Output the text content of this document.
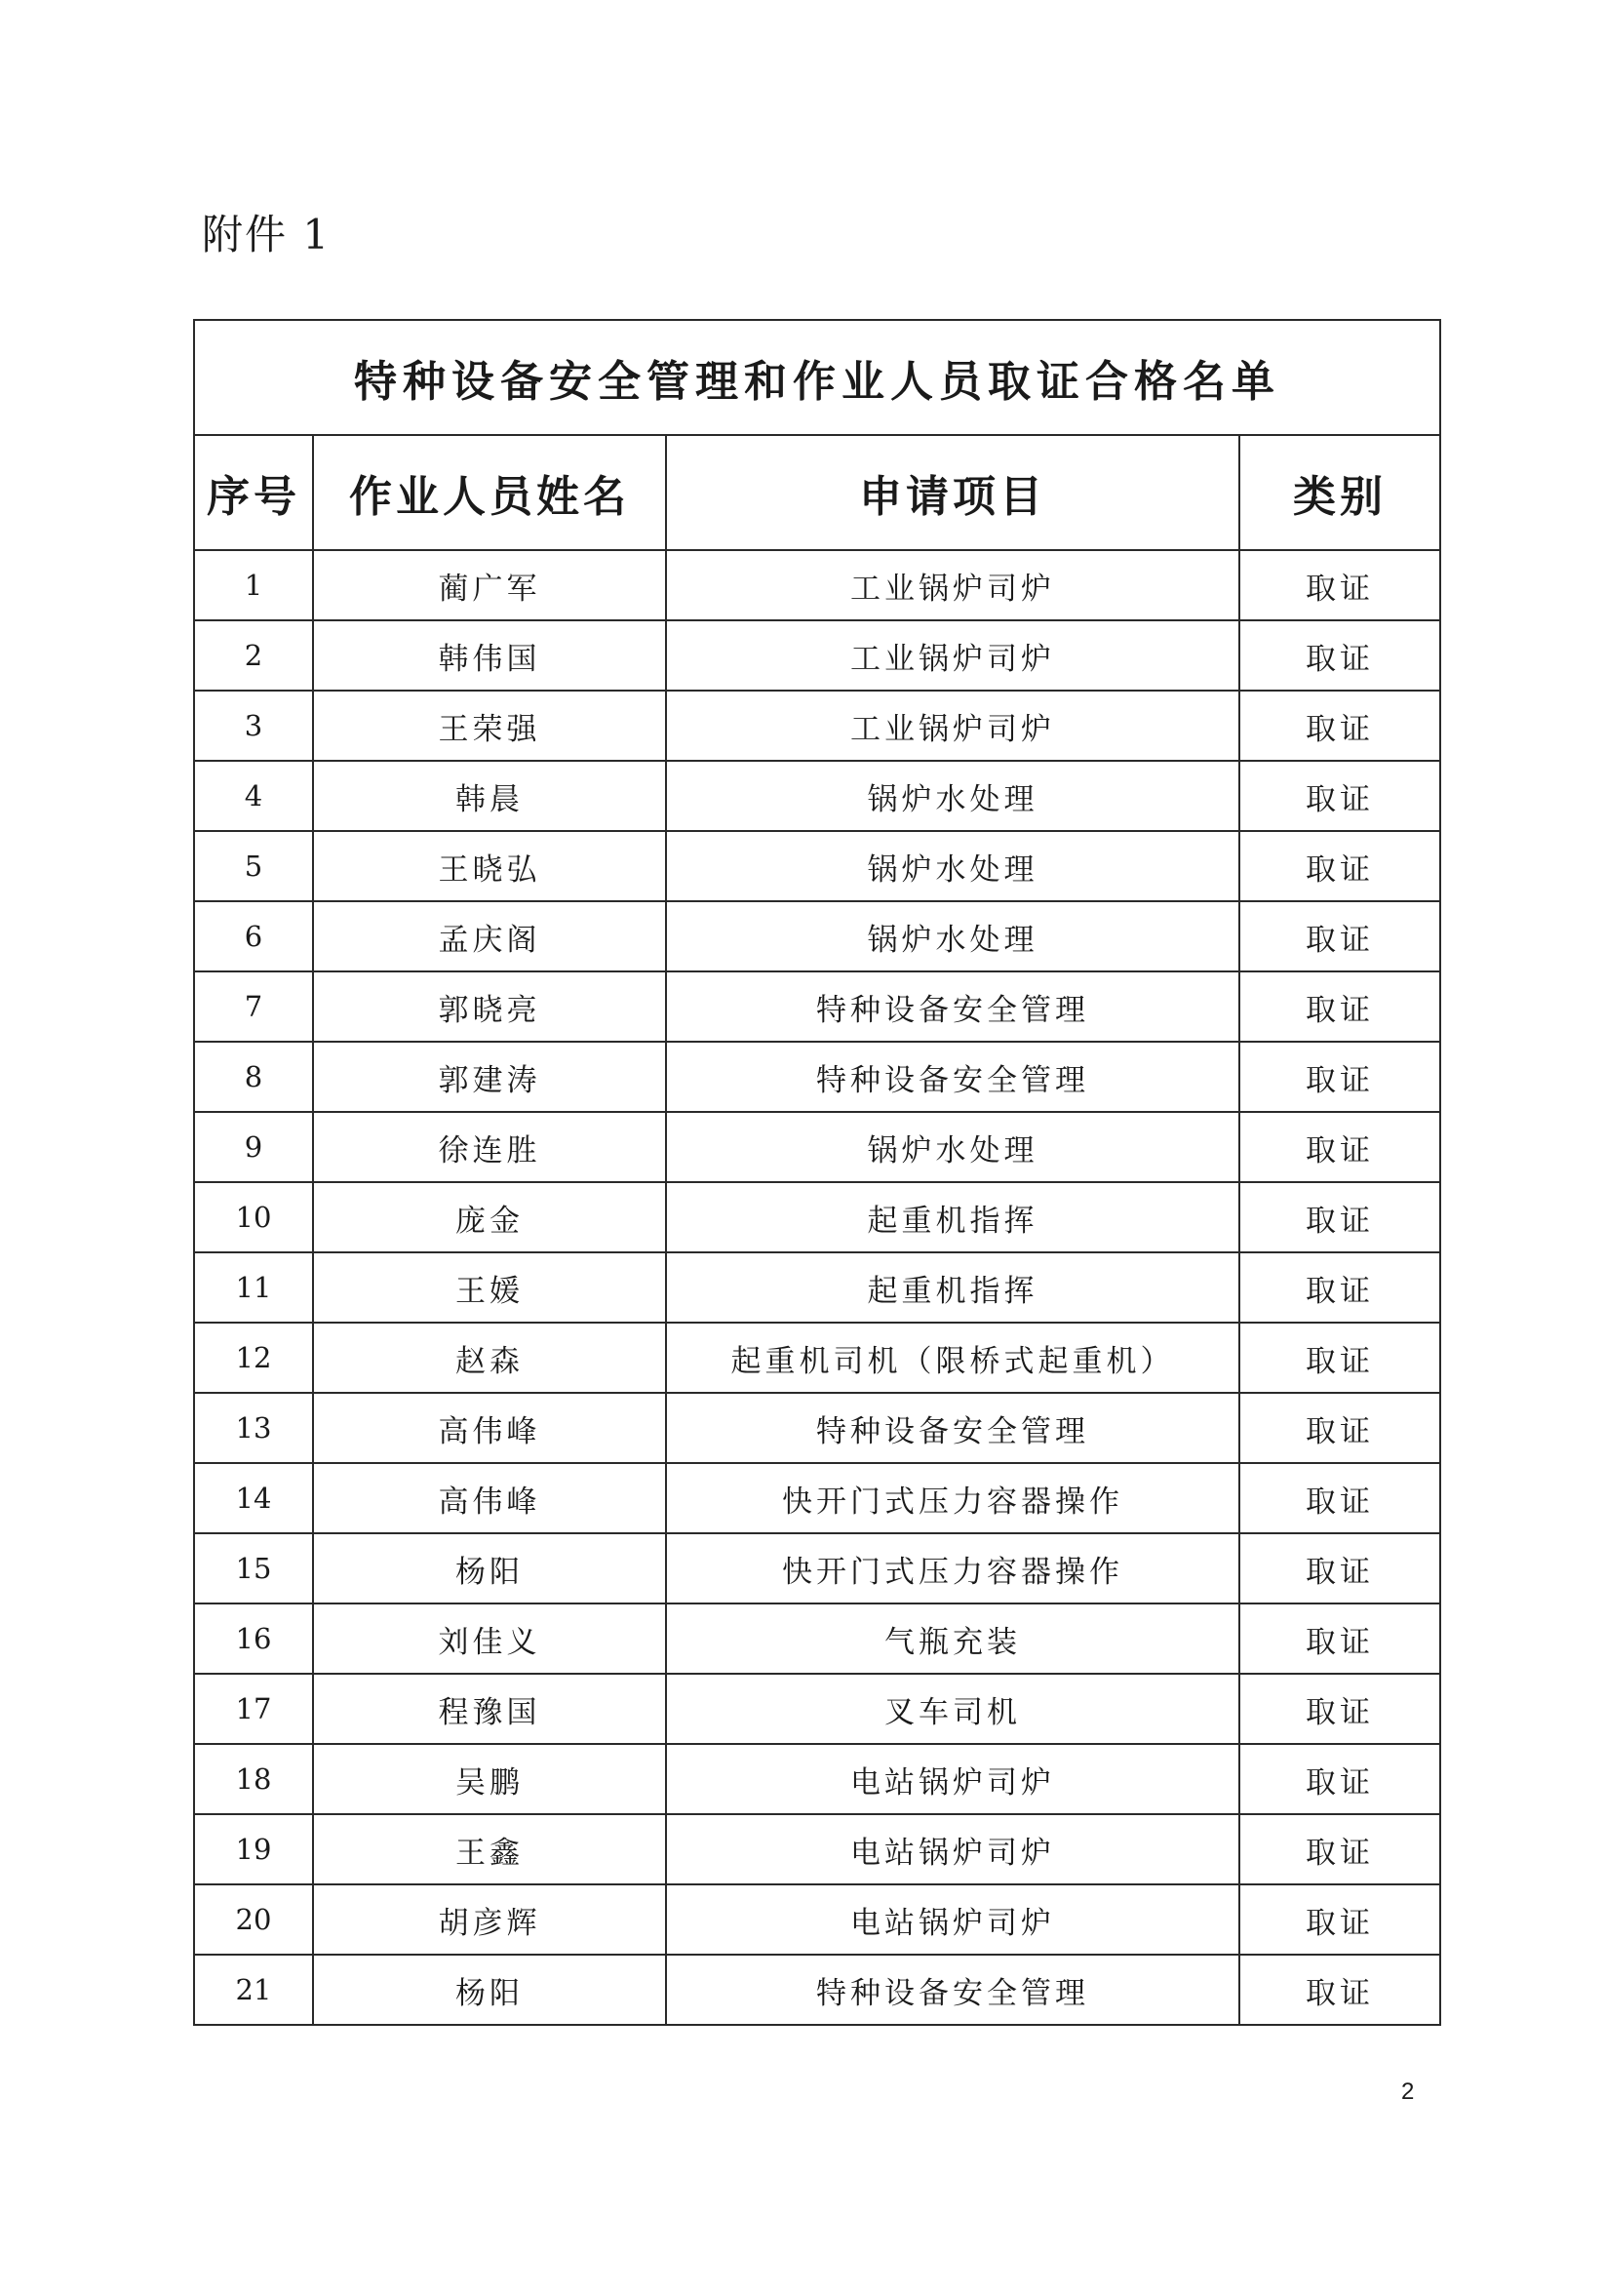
附件 1
特种设备安全管理和作业人员取证合格名单			
序号	作业人员姓名	申请项目	类别
1	蔺广军	工业锅炉司炉	取证
2	韩伟国	工业锅炉司炉	取证
3	王荣强	工业锅炉司炉	取证
4	韩晨	锅炉水处理	取证
5	王晓弘	锅炉水处理	取证
6	孟庆阁	锅炉水处理	取证
7	郭晓亮	特种设备安全管理	取证
8	郭建涛	特种设备安全管理	取证
9	徐连胜	锅炉水处理	取证
10	庞金	起重机指挥	取证
11	王媛	起重机指挥	取证
12	赵森	起重机司机（限桥式起重机）	取证
13	高伟峰	特种设备安全管理	取证
14	高伟峰	快开门式压力容器操作	取证
15	杨阳	快开门式压力容器操作	取证
16	刘佳义	气瓶充装	取证
17	程豫国	叉车司机	取证
18	吴鹏	电站锅炉司炉	取证
19	王鑫	电站锅炉司炉	取证
20	胡彦辉	电站锅炉司炉	取证
21	杨阳	特种设备安全管理	取证
2
